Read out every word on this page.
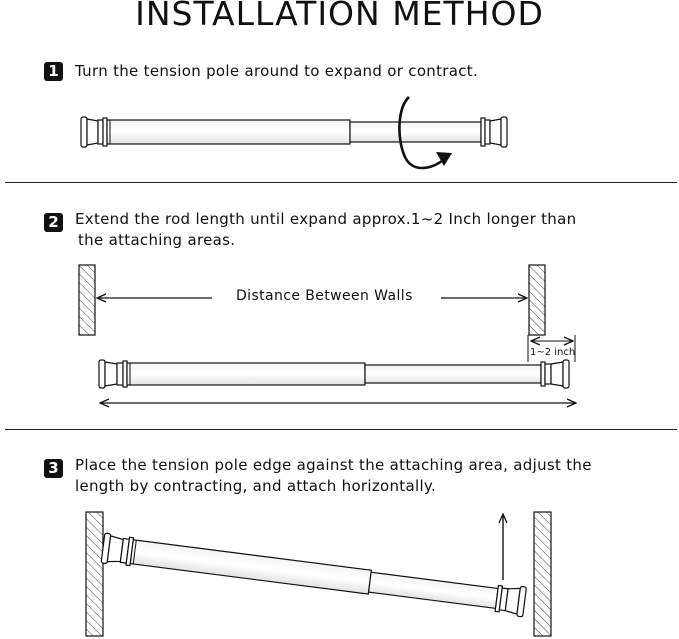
INSTALLATION METHOD
1 Turn the tension pole around to expand or contract.
2 Extend the rod length until expand approx.1~2 Inch longer than
the attaching areas.
3 Place the tension pole edge against the attaching area, adjust the
length by contracting, and attach horizontally.
Distance Between Walls
1~2 inch
